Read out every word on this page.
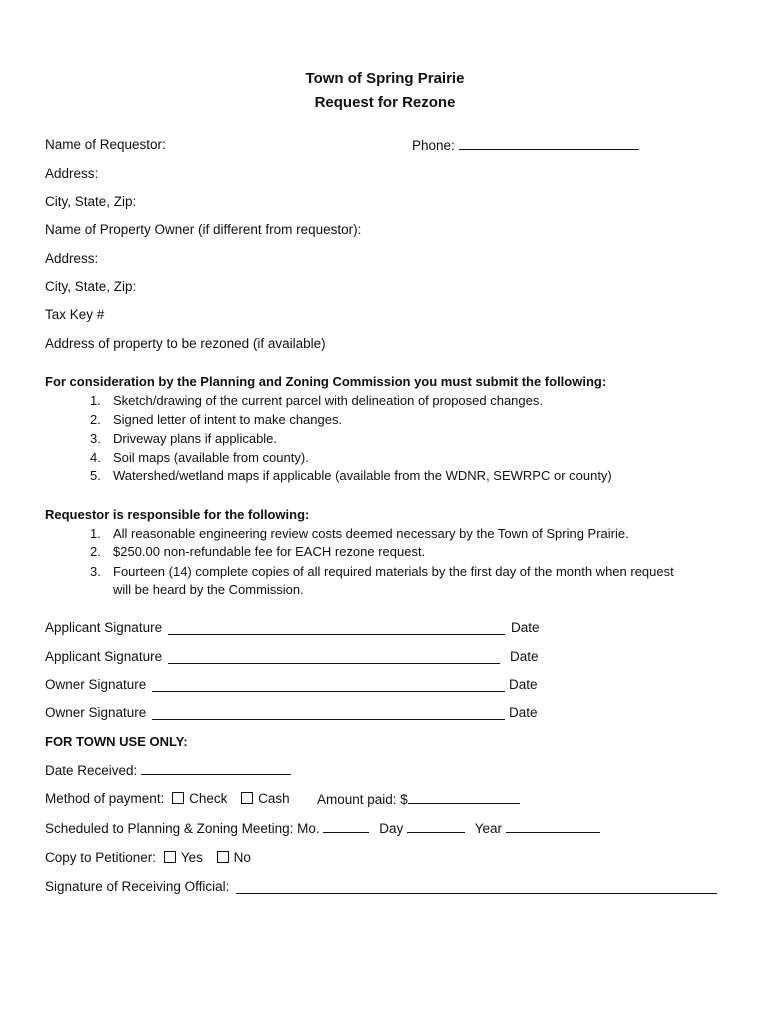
Town of Spring Prairie
Request for Rezone
Name of Requestor:	Phone:
Address:
City, State, Zip:
Name of Property Owner (if different from requestor):
Address:
City, State, Zip:
Tax Key #
Address of property to be rezoned (if available)
For consideration by the Planning and Zoning Commission you must submit the following:
1. Sketch/drawing of the current parcel with delineation of proposed changes.
2. Signed letter of intent to make changes.
3. Driveway plans if applicable.
4. Soil maps (available from county).
5. Watershed/wetland maps if applicable (available from the WDNR, SEWRPC or county)
Requestor is responsible for the following:
1. All reasonable engineering review costs deemed necessary by the Town of Spring Prairie.
2. $250.00 non-refundable fee for EACH rezone request.
3. Fourteen (14) complete copies of all required materials by the first day of the month when request
will be heard by the Commission.
Applicant Signature	Date
Applicant Signature	Date
Owner Signature	Date
Owner Signature	Date
FOR TOWN USE ONLY:
Date Received:
Method of payment: Check Cash Amount paid: $
Scheduled to Planning & Zoning Meeting: Mo.	Day	Year
Copy to Petitioner: Yes No
Signature of Receiving Official:
